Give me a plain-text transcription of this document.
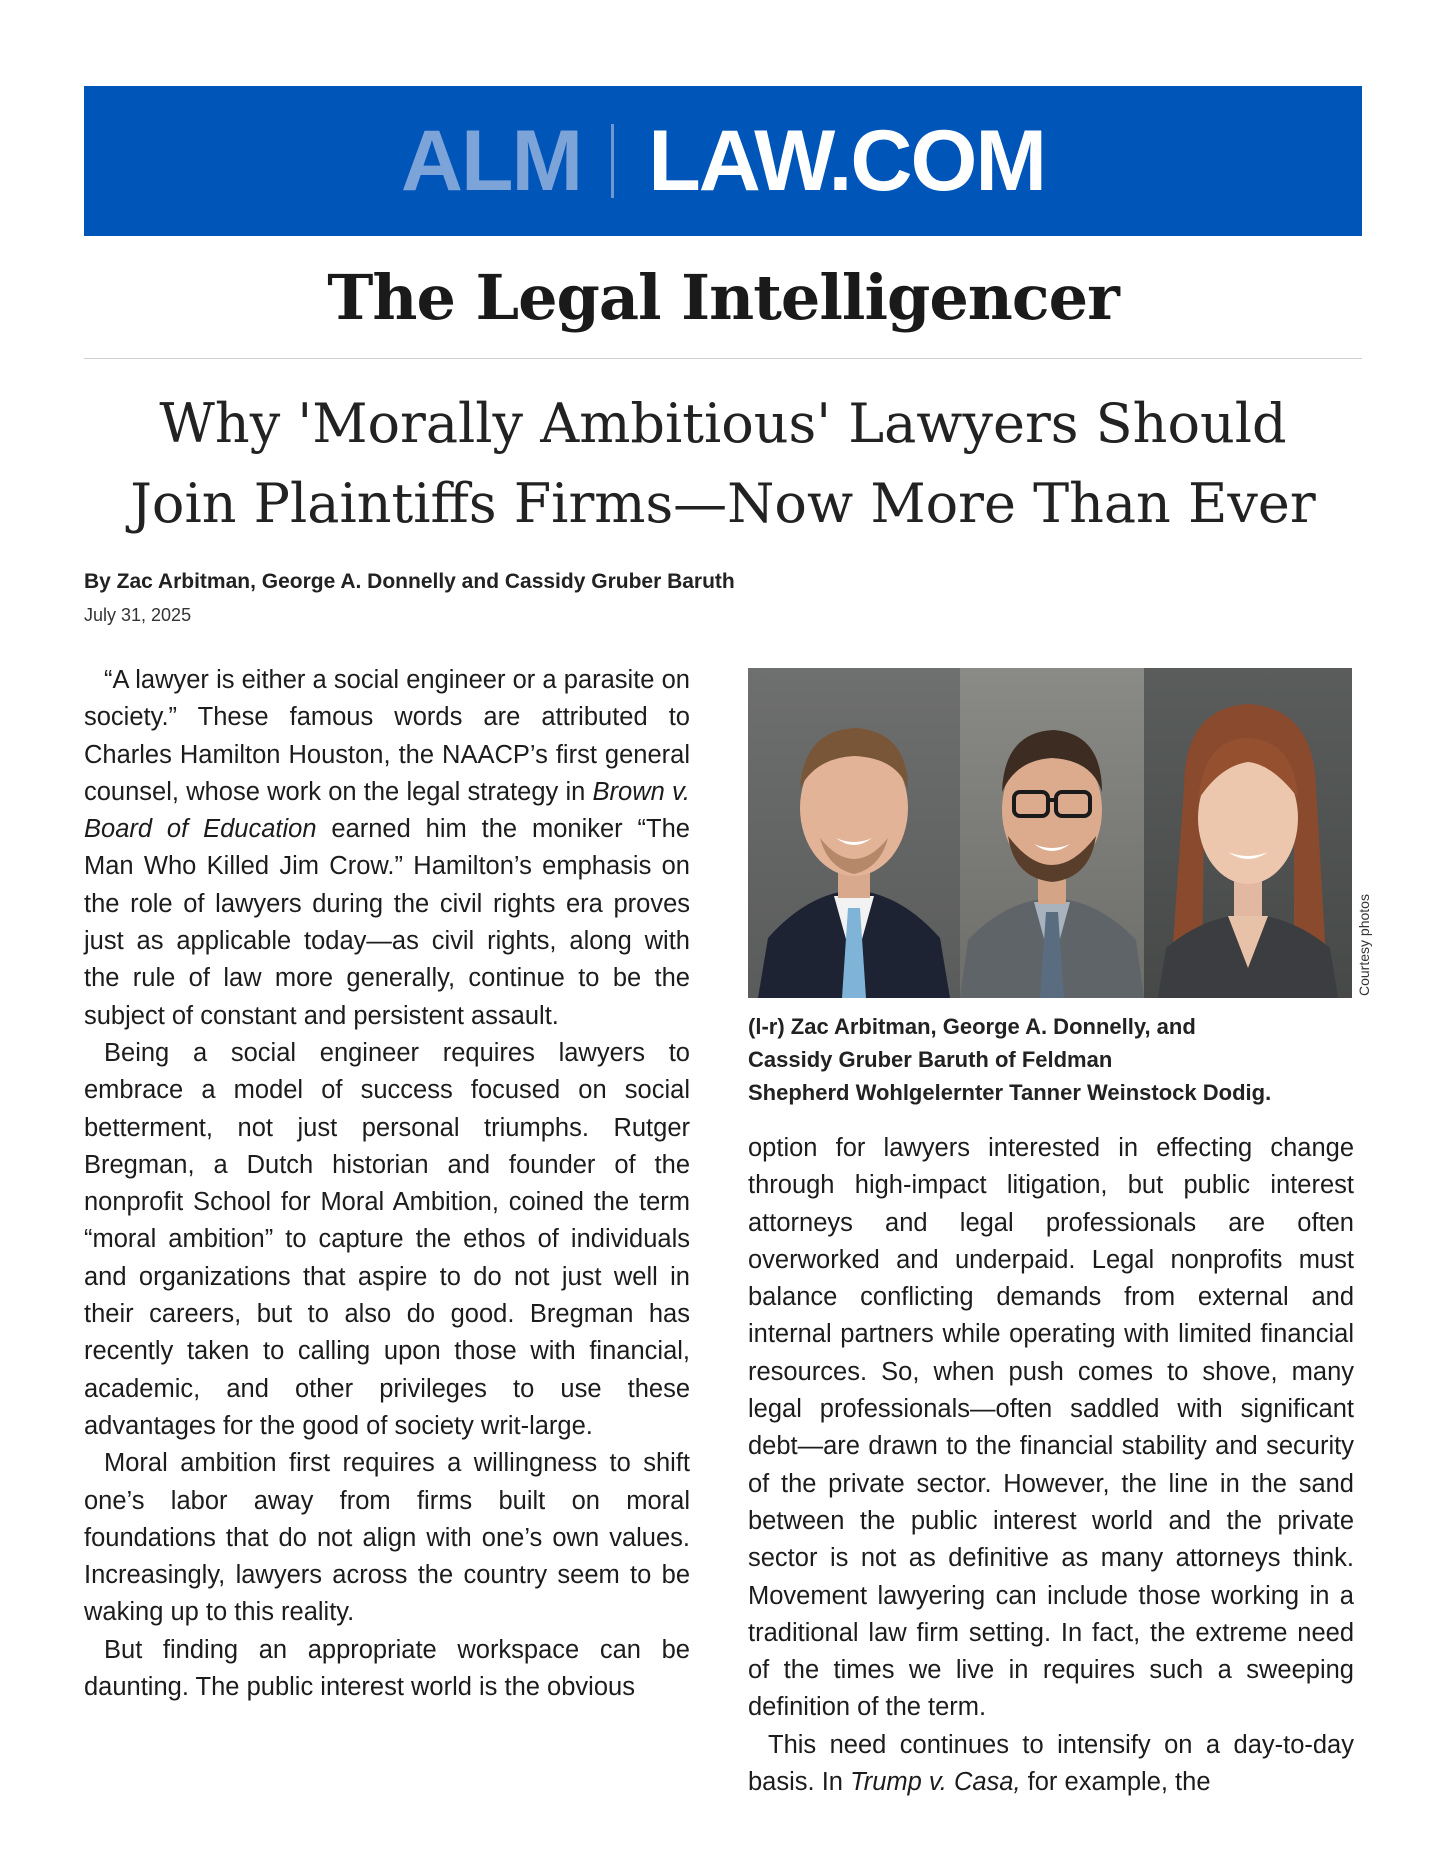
ALM LAW.COM
The Legal Intelligencer
Why 'Morally Ambitious' Lawyers Should
Join Plaintiffs Firms—Now More Than Ever
By Zac Arbitman, George A. Donnelly and Cassidy Gruber Baruth
July 31, 2025

“A lawyer is either a social engineer or a parasite on society.” These famous words are attributed to Charles Hamilton Houston, the NAACP’s first general counsel, whose work on the legal strategy in Brown v. Board of Education earned him the moniker “The Man Who Killed Jim Crow.” Hamilton’s emphasis on the role of lawyers during the civil rights era proves just as applicable today—as civil rights, along with the rule of law more generally, continue to be the subject of constant and persistent assault.

Being a social engineer requires lawyers to embrace a model of success focused on social betterment, not just personal triumphs. Rutger Bregman, a Dutch historian and founder of the nonprofit School for Moral Ambition, coined the term “moral ambition” to capture the ethos of individuals and organizations that aspire to do not just well in their careers, but to also do good. Bregman has recently taken to calling upon those with financial, academic, and other privileges to use these advantages for the good of society writ-large.

Moral ambition first requires a willingness to shift one’s labor away from firms built on moral foundations that do not align with one’s own values. Increasingly, lawyers across the country seem to be waking up to this reality.

But finding an appropriate workspace can be daunting. The public interest world is the obvious

Courtesy photos
(l-r) Zac Arbitman, George A. Donnelly, and
Cassidy Gruber Baruth of Feldman
Shepherd Wohlgelernter Tanner Weinstock Dodig.

option for lawyers interested in effecting change through high-impact litigation, but public interest attorneys and legal professionals are often overworked and underpaid. Legal nonprofits must balance conflicting demands from external and internal partners while operating with limited financial resources. So, when push comes to shove, many legal professionals—often saddled with significant debt—are drawn to the financial stability and security of the private sector. However, the line in the sand between the public interest world and the private sector is not as definitive as many attorneys think. Movement lawyering can include those working in a traditional law firm setting. In fact, the extreme need of the times we live in requires such a sweeping definition of the term.

This need continues to intensify on a day-to-day basis. In Trump v. Casa, for example, the
